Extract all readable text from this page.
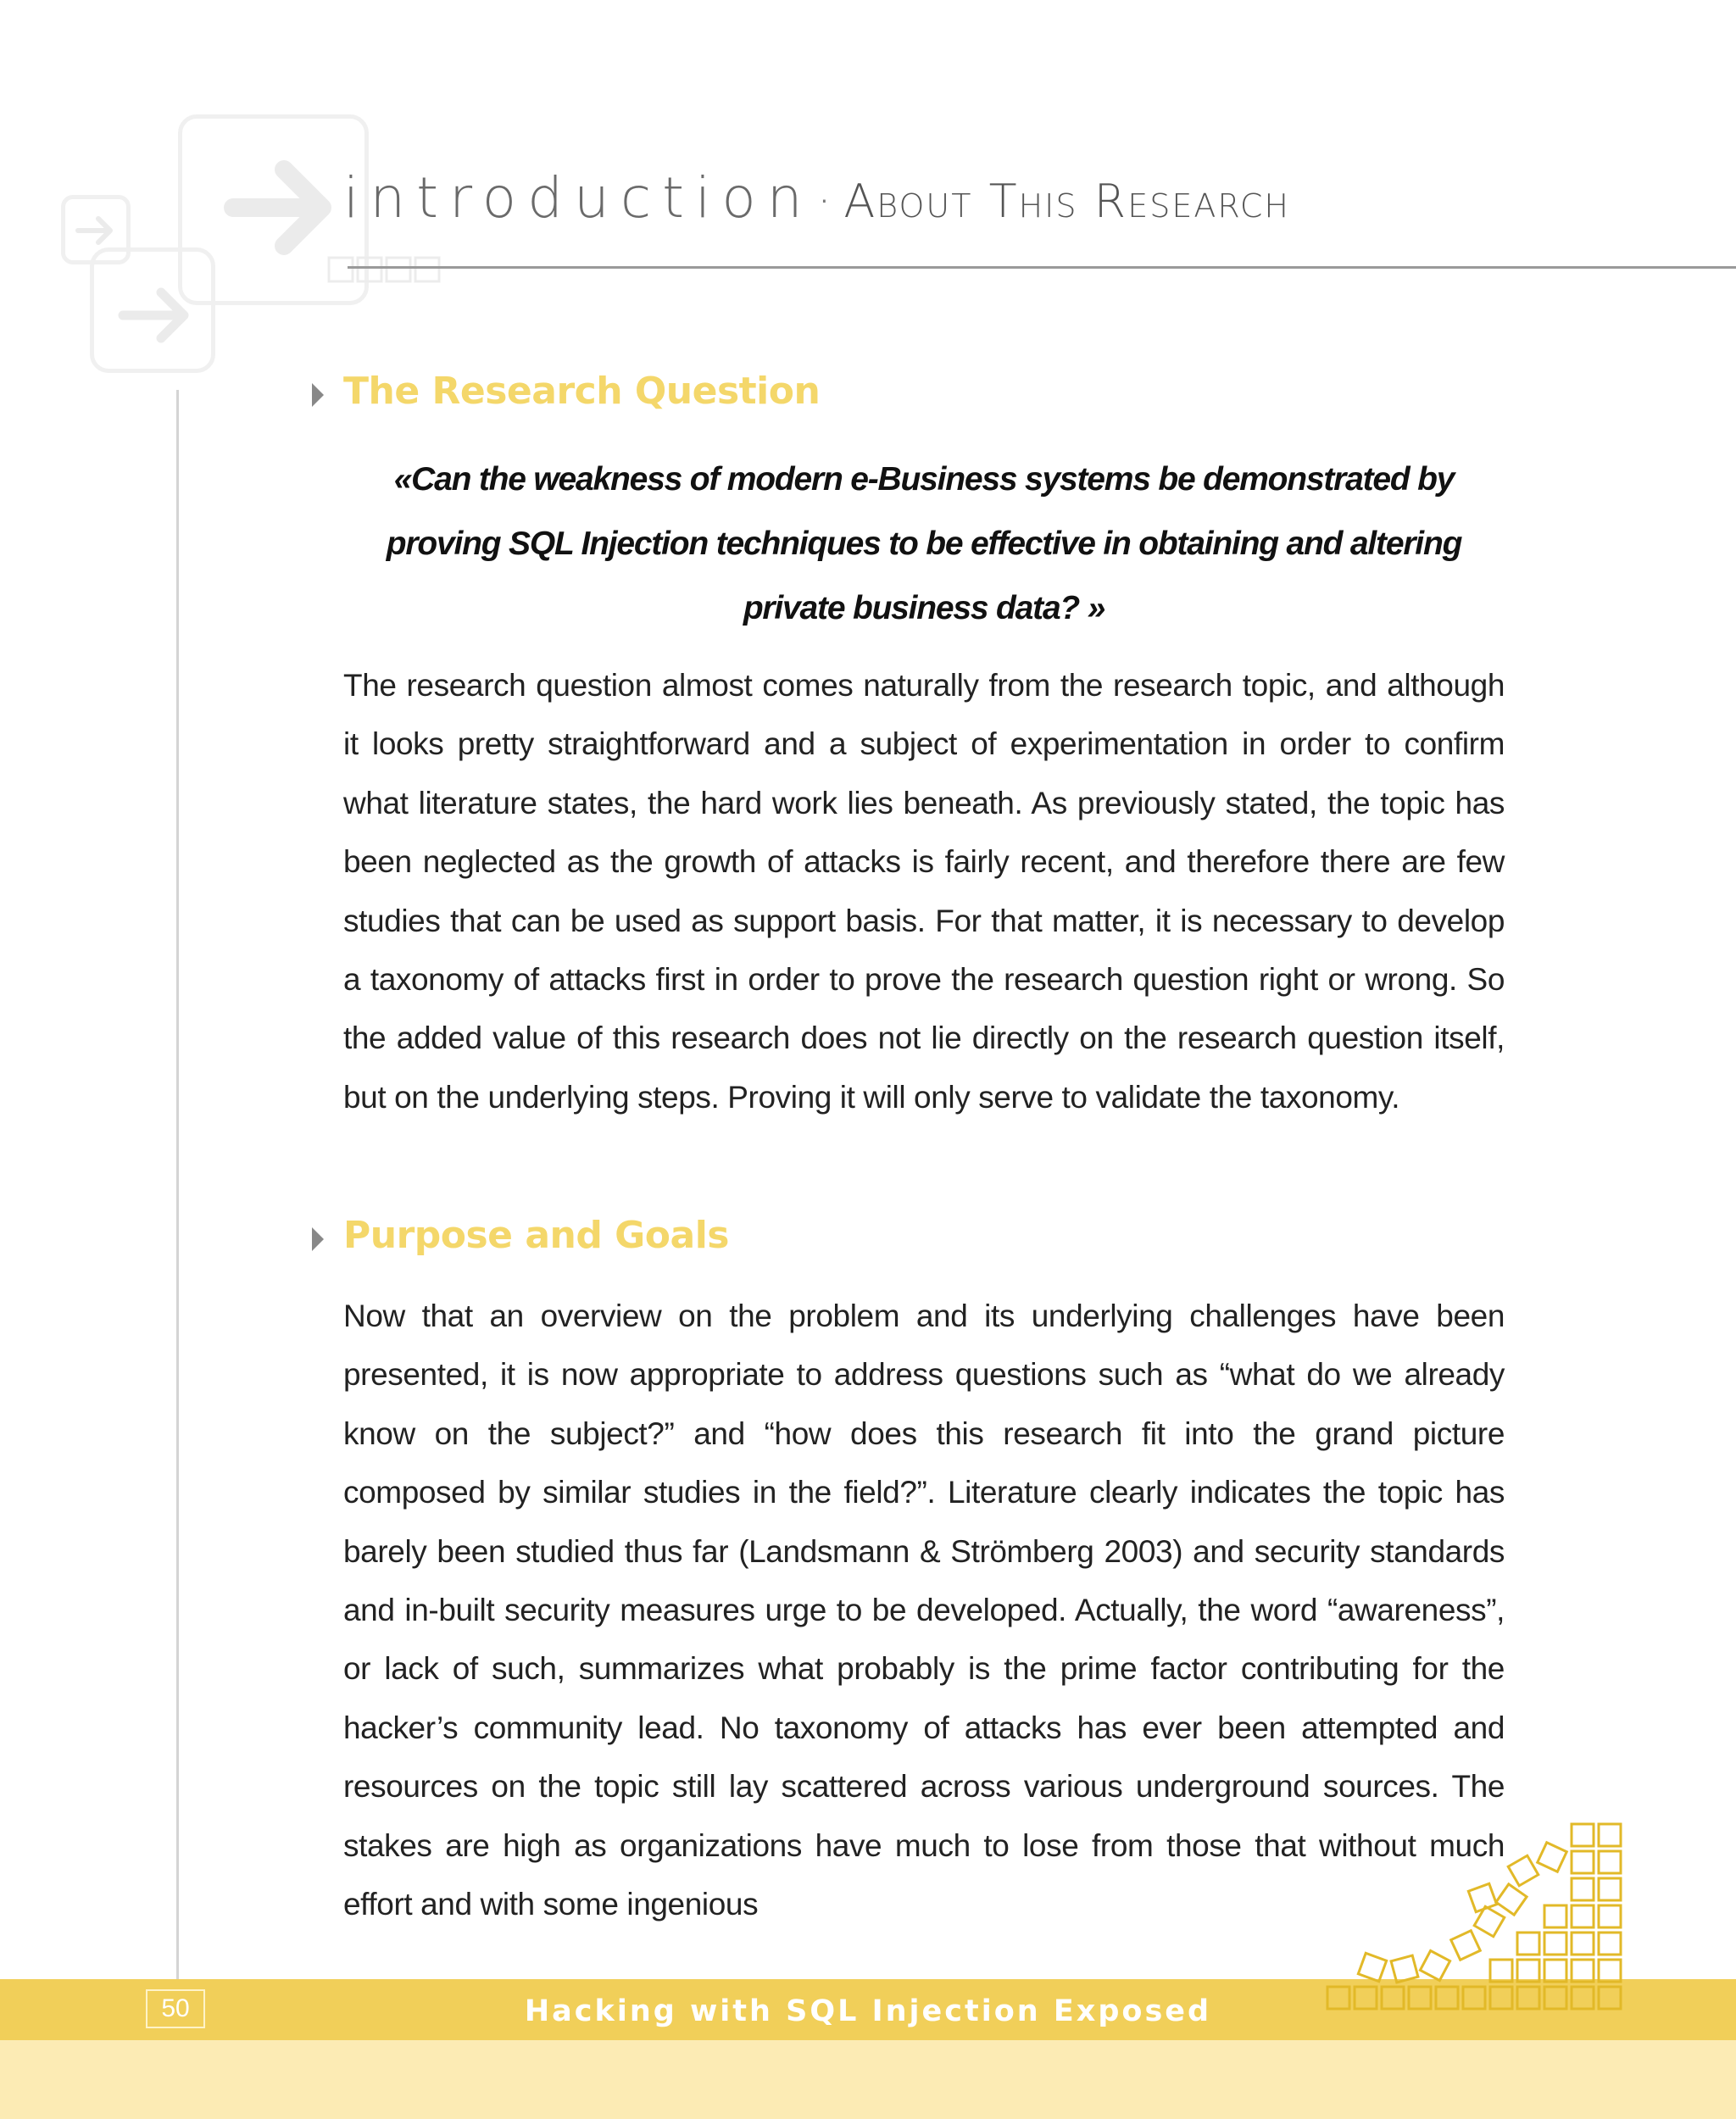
introduction· About This Research
The Research Question
«Can the weakness of modern e-Business systems be demonstrated by proving SQL Injection techniques to be effective in obtaining and altering private business data? »
The research question almost comes naturally from the research topic, and although it looks pretty straightforward and a subject of experimentation in order to confirm what literature states, the hard work lies beneath. As previously stated, the topic has been neglected as the growth of attacks is fairly recent, and therefore there are few studies that can be used as support basis. For that matter, it is necessary to develop a taxonomy of attacks first in order to prove the research question right or wrong. So the added value of this research does not lie directly on the research question itself, but on the underlying steps. Proving it will only serve to validate the taxonomy.
Purpose and Goals
Now that an overview on the problem and its underlying challenges have been presented, it is now appropriate to address questions such as “what do we already know on the subject?” and “how does this research fit into the grand picture composed by similar studies in the field?”. Literature clearly indicates the topic has barely been studied thus far (Landsmann & Strömberg 2003) and security standards and in-built security measures urge to be developed. Actually, the word “awareness”, or lack of such, summarizes what probably is the prime factor contributing for the hacker’s community lead. No taxonomy of attacks has ever been attempted and resources on the topic still lay scattered across various underground sources. The stakes are high as organizations have much to lose from those that without much effort and with some ingenious
50	Hacking with SQL Injection Exposed
